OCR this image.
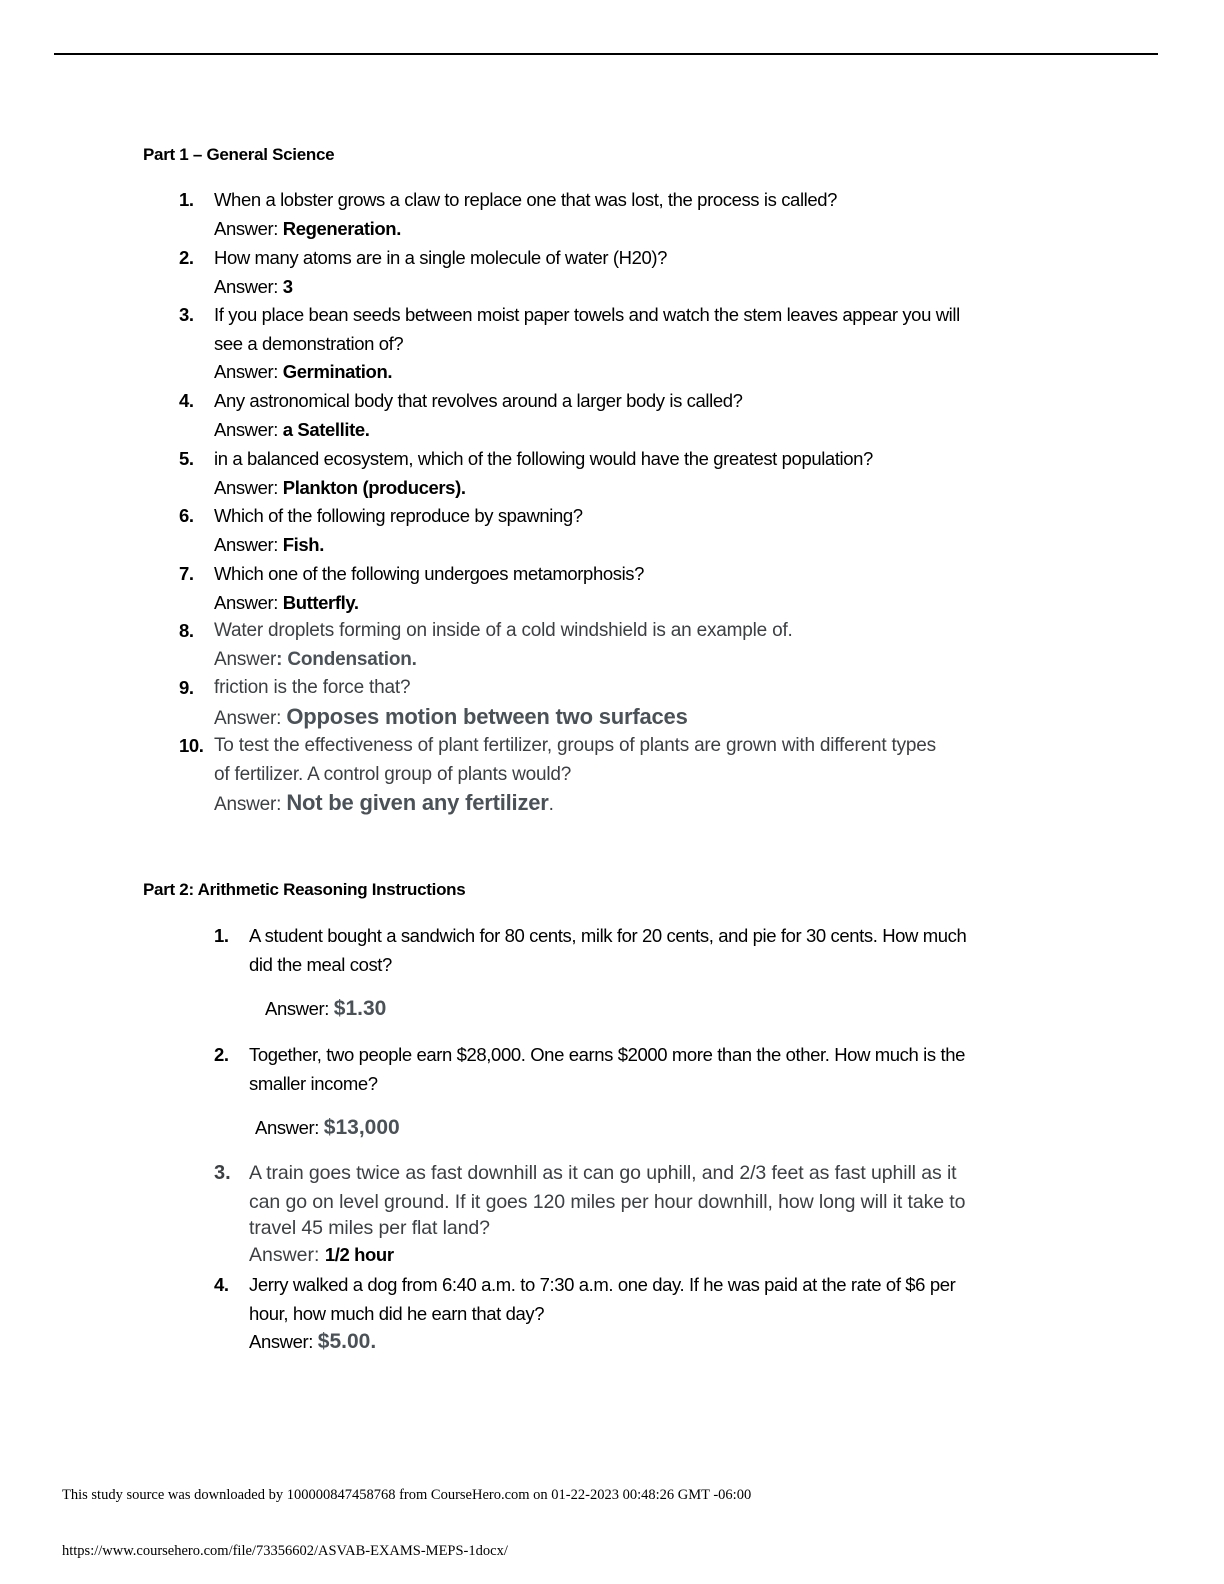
Part 1 – General Science
1. When a lobster grows a claw to replace one that was lost, the process is called?
Answer: Regeneration.
2. How many atoms are in a single molecule of water (H20)?
Answer: 3
3. If you place bean seeds between moist paper towels and watch the stem leaves appear you will
see a demonstration of?
Answer: Germination.
4. Any astronomical body that revolves around a larger body is called?
Answer: a Satellite.
5. in a balanced ecosystem, which of the following would have the greatest population?
Answer: Plankton (producers).
6. Which of the following reproduce by spawning?
Answer: Fish.
7. Which one of the following undergoes metamorphosis?
Answer: Butterfly.
8. Water droplets forming on inside of a cold windshield is an example of.
Answer: Condensation.
9. friction is the force that?
Answer: Opposes motion between two surfaces
10. To test the effectiveness of plant fertilizer, groups of plants are grown with different types
of fertilizer. A control group of plants would?
Answer: Not be given any fertilizer.
Part 2: Arithmetic Reasoning Instructions
1. A student bought a sandwich for 80 cents, milk for 20 cents, and pie for 30 cents. How much
did the meal cost?
Answer: $1.30
2. Together, two people earn $28,000. One earns $2000 more than the other. How much is the
smaller income?
Answer: $13,000
3. A train goes twice as fast downhill as it can go uphill, and 2/3 feet as fast uphill as it
can go on level ground. If it goes 120 miles per hour downhill, how long will it take to
travel 45 miles per flat land?
Answer: 1/2 hour
4. Jerry walked a dog from 6:40 a.m. to 7:30 a.m. one day. If he was paid at the rate of $6 per
hour, how much did he earn that day?
Answer: $5.00.
This study source was downloaded by 100000847458768 from CourseHero.com on 01-22-2023 00:48:26 GMT -06:00
https://www.coursehero.com/file/73356602/ASVAB-EXAMS-MEPS-1docx/
